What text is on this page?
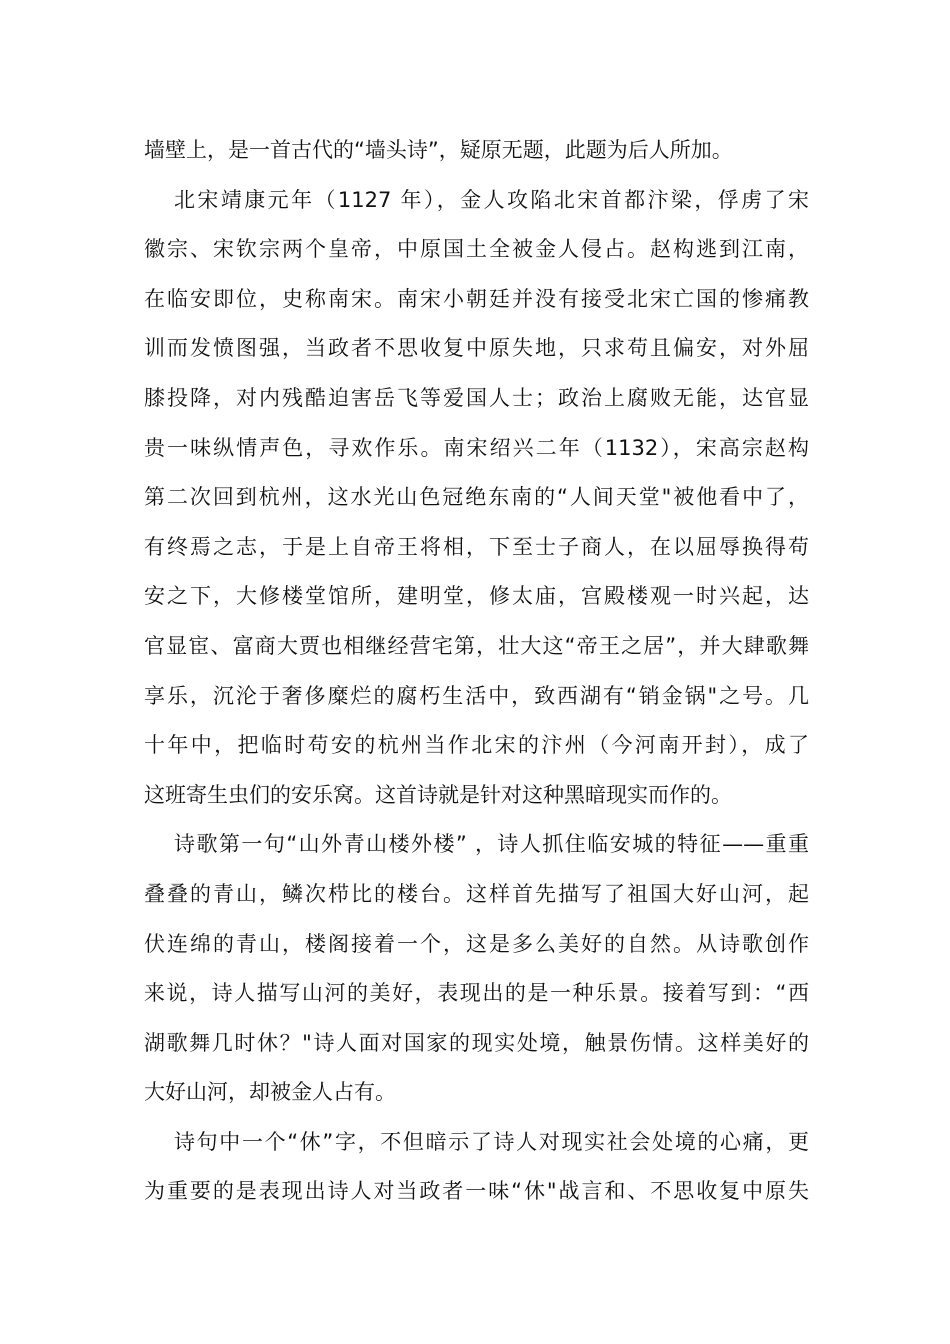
墙壁上，是一首古代的“墙头诗”，疑原无题，此题为后人所加。
北宋靖康元年（1127 年），金人攻陷北宋首都汴梁，俘虏了宋
徽宗、宋钦宗两个皇帝，中原国土全被金人侵占。赵构逃到江南，
在临安即位，史称南宋。南宋小朝廷并没有接受北宋亡国的惨痛教
训而发愤图强，当政者不思收复中原失地，只求苟且偏安，对外屈
膝投降，对内残酷迫害岳飞等爱国人士；政治上腐败无能，达官显
贵一味纵情声色，寻欢作乐。南宋绍兴二年（1132），宋高宗赵构
第二次回到杭州，这水光山色冠绝东南的“人间天堂"被他看中了，
有终焉之志，于是上自帝王将相，下至士子商人，在以屈辱换得苟
安之下，大修楼堂馆所，建明堂，修太庙，宫殿楼观一时兴起，达
官显宦、富商大贾也相继经营宅第，壮大这“帝王之居”，并大肆歌舞
享乐，沉沦于奢侈糜烂的腐朽生活中，致西湖有“销金锅"之号。几
十年中，把临时苟安的杭州当作北宋的汴州（今河南开封），成了
这班寄生虫们的安乐窝。这首诗就是针对这种黑暗现实而作的。
诗歌第一句“山外青山楼外楼” ，诗人抓住临安城的特征——重重
叠叠的青山，鳞次栉比的楼台。这样首先描写了祖国大好山河，起
伏连绵的青山，楼阁接着一个，这是多么美好的自然。从诗歌创作
来说，诗人描写山河的美好，表现出的是一种乐景。接着写到：“西
湖歌舞几时休？"诗人面对国家的现实处境，触景伤情。这样美好的
大好山河，却被金人占有。
诗句中一个“休”字，不但暗示了诗人对现实社会处境的心痛，更
为重要的是表现出诗人对当政者一味“休"战言和、不思收复中原失
